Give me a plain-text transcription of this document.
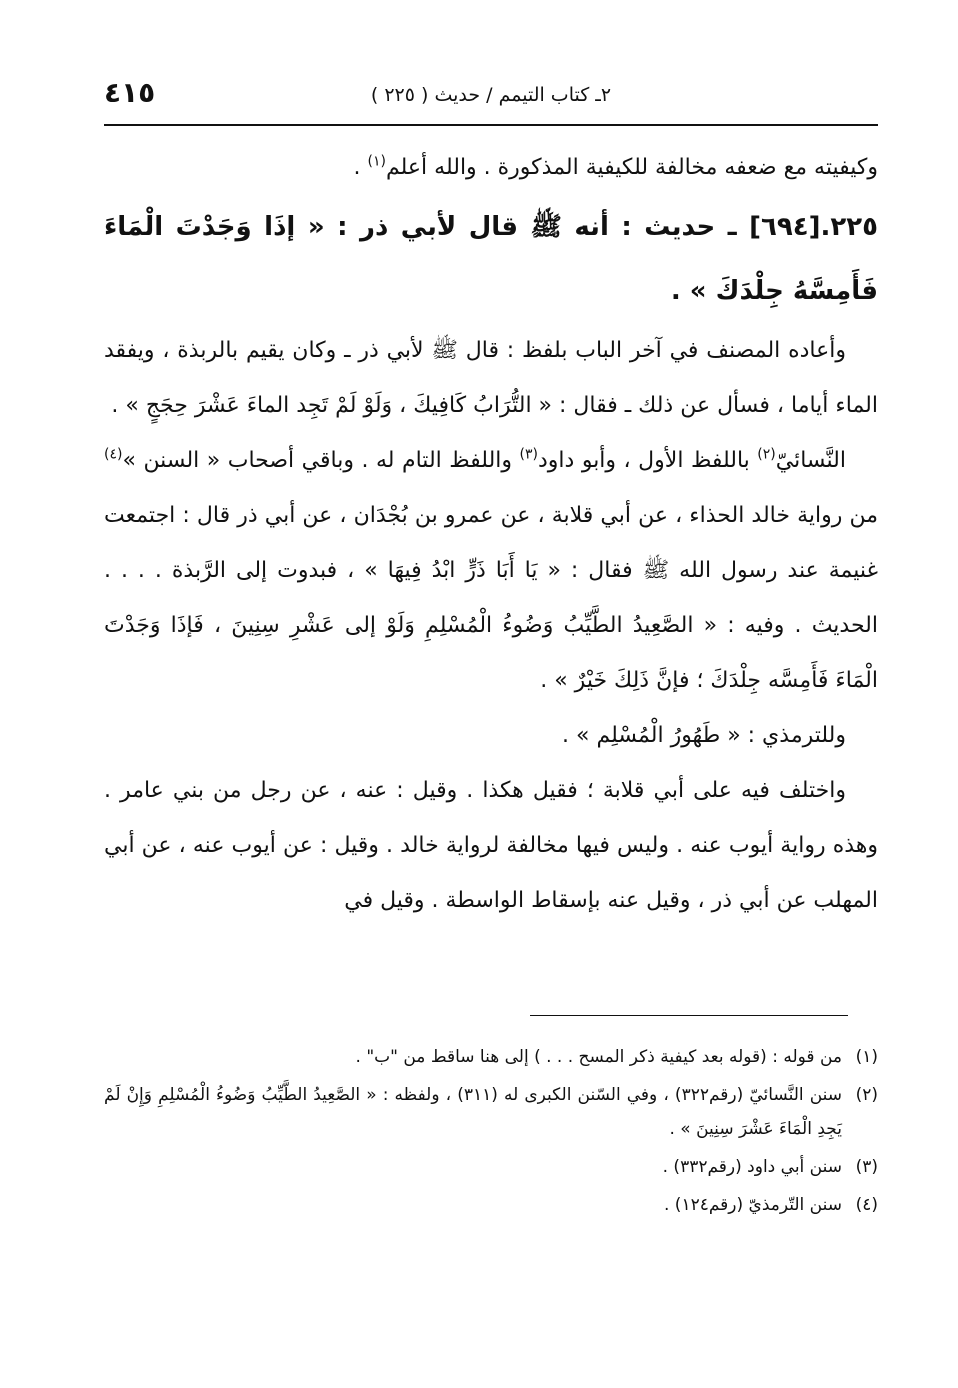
٤١٥	٢ـ كتاب التيمم / حديث ( ٢٢٥ )

وكيفيته مع ضعفه مخالفة للكيفية المذكورة . والله أعلم$^{(١)}$ .

٢٢٥.[٦٩٤] ـ حديث : أنه ﷺ قال لأبي ذر : « إذَا وَجَدْتَ الْمَاءَ فَأَمِسَّهُ جِلْدَكَ » .

وأعاده المصنف في آخر الباب بلفظ : قال ﷺ لأبي ذر ـ وكان يقيم بالربذة ، ويفقد الماء أياما ، فسأل عن ذلك ـ فقال : « التُّرَابُ كَافِيكَ ، وَلَوْ لَمْ تَجِد الماءَ عَشْرَ حِجَجٍ » .

النَّسائيّ$^{(٢)}$ باللفظ الأول ، وأبو داود$^{(٣)}$ واللفظ التام له . وباقي أصحاب « السنن »$^{(٤)}$ من رواية خالد الحذاء ، عن أبي قلابة ، عن عمرو بن بُجْدَان ، عن أبي ذر قال : اجتمعت غنيمة عند رسول الله ﷺ فقال : « يَا أَبَا ذَرٍّ ابْدُ فِيهَا » ، فبدوت إلى الرَّبذة . . . . الحديث . وفيه : « الصَّعِيدُ الطَّيِّبُ وَضُوءُ الْمُسْلِمِ وَلَوْ إلى عَشْرِ سِنِينَ ، فَإذَا وَجَدْتَ الْمَاءَ فَأَمِسَّه جِلْدَكَ ؛ فإنَّ ذَلِكَ خَيْرٌ » .

وللترمذي : « طَهُورُ الْمُسْلِم » .

واختلف فيه على أبي قلابة ؛ فقيل هكذا . وقيل : عنه ، عن رجل من بني عامر . وهذه رواية أيوب عنه . وليس فيها مخالفة لرواية خالد . وقيل : عن أيوب عنه ، عن أبي المهلب عن أبي ذر ، وقيل عنه بإسقاط الواسطة . وقيل في

(١)
من قوله : (قوله بعد كيفية ذكر المسح . . . ) إلى هنا ساقط من "ب" .

(٢)
سنن النَّسائيّ (رقم٣٢٢) ، وفي السّنن الكبرى له (٣١١) ، ولفظه : « الصَّعِيدُ الطَّيِّبُ وَضُوءُ الْمُسْلِمِ وَإِنْ لَمْ يَجِدِ الْمَاءَ عَشْرَ سِنِينَ » .

(٣)
سنن أبي داود (رقم٣٣٢) .

(٤)
سنن التّرمذيّ (رقم١٢٤) .
